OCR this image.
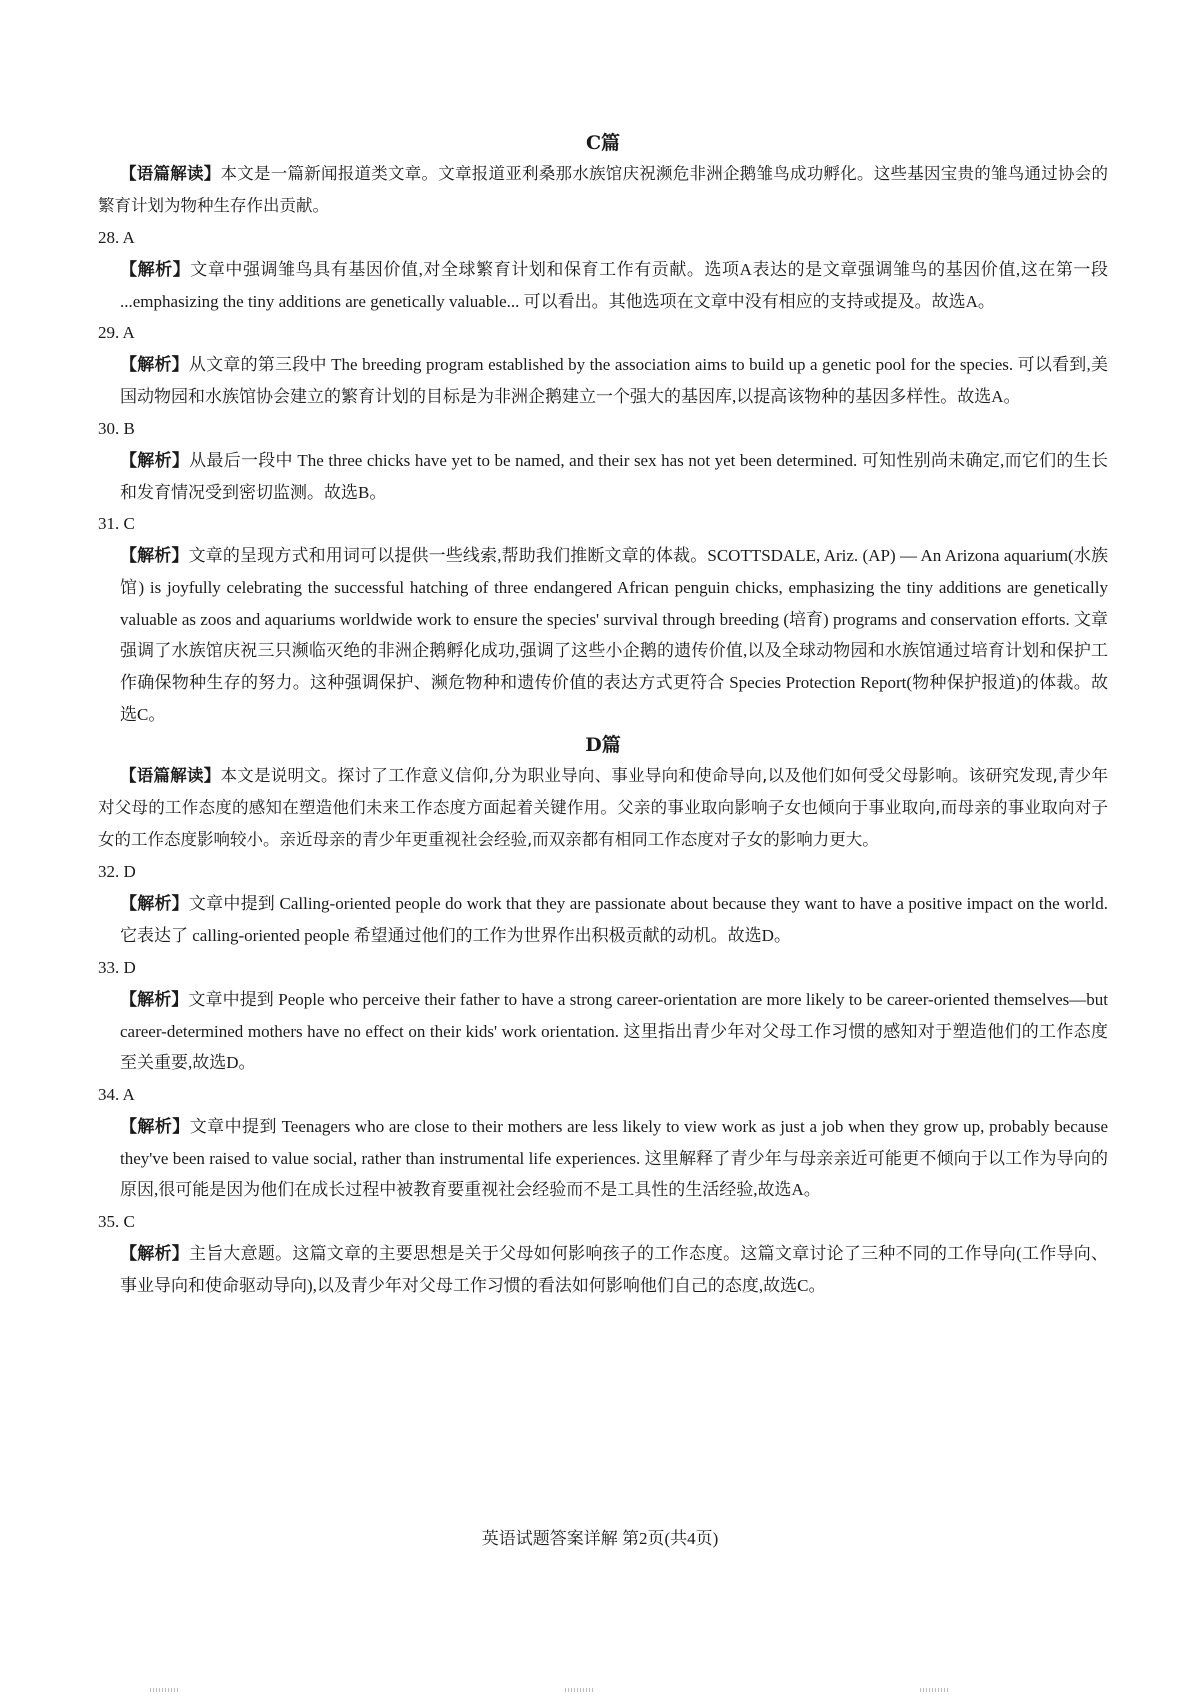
C篇

【语篇解读】本文是一篇新闻报道类文章。文章报道亚利桑那水族馆庆祝濒危非洲企鹅雏鸟成功孵化。这些基因宝贵的雏鸟通过协会的繁育计划为物种生存作出贡献。

28. A

【解析】文章中强调雏鸟具有基因价值,对全球繁育计划和保育工作有贡献。选项A表达的是文章强调雏鸟的基因价值,这在第一段 ...emphasizing the tiny additions are genetically valuable... 可以看出。其他选项在文章中没有相应的支持或提及。故选A。

29. A

【解析】从文章的第三段中 The breeding program established by the association aims to build up a genetic pool for the species. 可以看到,美国动物园和水族馆协会建立的繁育计划的目标是为非洲企鹅建立一个强大的基因库,以提高该物种的基因多样性。故选A。

30. B

【解析】从最后一段中 The three chicks have yet to be named, and their sex has not yet been determined. 可知性别尚未确定,而它们的生长和发育情况受到密切监测。故选B。

31. C

【解析】文章的呈现方式和用词可以提供一些线索,帮助我们推断文章的体裁。SCOTTSDALE, Ariz. (AP) — An Arizona aquarium(水族馆) is joyfully celebrating the successful hatching of three endangered African penguin chicks, emphasizing the tiny additions are genetically valuable as zoos and aquariums worldwide work to ensure the species' survival through breeding (培育) programs and conservation efforts. 文章强调了水族馆庆祝三只濒临灭绝的非洲企鹅孵化成功,强调了这些小企鹅的遗传价值,以及全球动物园和水族馆通过培育计划和保护工作确保物种生存的努力。这种强调保护、濒危物种和遗传价值的表达方式更符合 Species Protection Report(物种保护报道)的体裁。故选C。

D篇

【语篇解读】本文是说明文。探讨了工作意义信仰,分为职业导向、事业导向和使命导向,以及他们如何受父母影响。该研究发现,青少年对父母的工作态度的感知在塑造他们未来工作态度方面起着关键作用。父亲的事业取向影响子女也倾向于事业取向,而母亲的事业取向对子女的工作态度影响较小。亲近母亲的青少年更重视社会经验,而双亲都有相同工作态度对子女的影响力更大。

32. D

【解析】文章中提到 Calling-oriented people do work that they are passionate about because they want to have a positive impact on the world. 它表达了 calling-oriented people 希望通过他们的工作为世界作出积极贡献的动机。故选D。

33. D

【解析】文章中提到 People who perceive their father to have a strong career-orientation are more likely to be career-oriented themselves—but career-determined mothers have no effect on their kids' work orientation. 这里指出青少年对父母工作习惯的感知对于塑造他们的工作态度至关重要,故选D。

34. A

【解析】文章中提到 Teenagers who are close to their mothers are less likely to view work as just a job when they grow up, probably because they've been raised to value social, rather than instrumental life experiences. 这里解释了青少年与母亲亲近可能更不倾向于以工作为导向的原因,很可能是因为他们在成长过程中被教育要重视社会经验而不是工具性的生活经验,故选A。

35. C

【解析】主旨大意题。这篇文章的主要思想是关于父母如何影响孩子的工作态度。这篇文章讨论了三种不同的工作导向(工作导向、事业导向和使命驱动导向),以及青少年对父母工作习惯的看法如何影响他们自己的态度,故选C。

英语试题答案详解 第2页(共4页)
